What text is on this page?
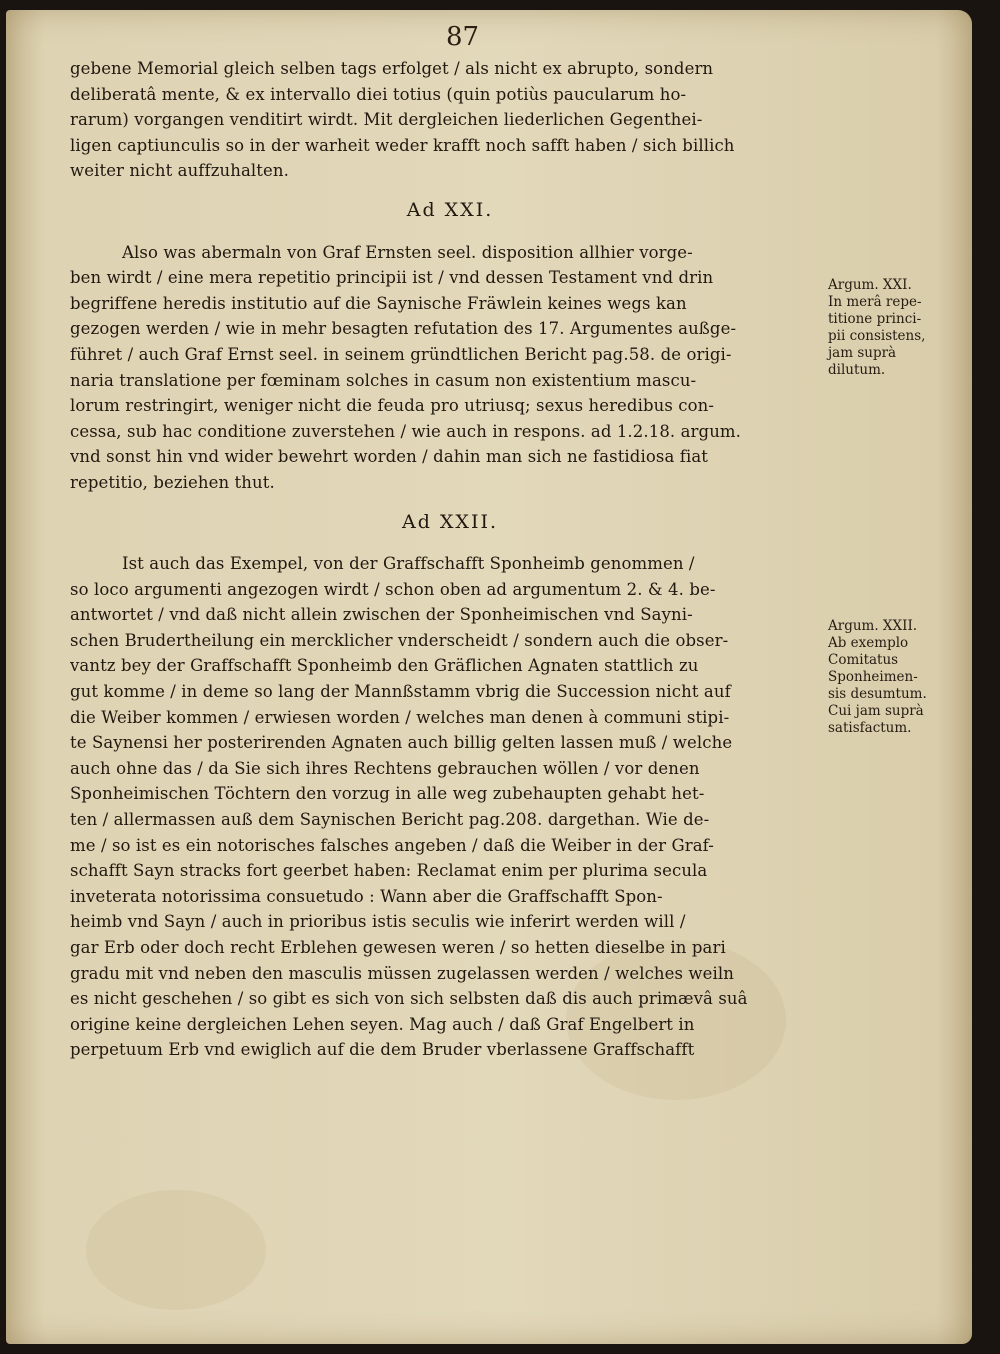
87

gebene Memorial gleich selben tags erfolget / als nicht ex abrupto, sondern
deliberatâ mente, & ex intervallo diei totius (quin potiùs paucularum ho-
rarum) vorgangen venditirt wirdt. Mit dergleichen liederlichen Gegenthei-
ligen captiunculis so in der warheit weder krafft noch safft haben / sich billich
weiter nicht auffzuhalten.

Ad XXI.

Also was abermaln von Graf Ernsten seel. disposition allhier vorge-
ben wirdt / eine mera repetitio principii ist / vnd dessen Testament vnd drin
begriffene heredis institutio auf die Saynische Fräwlein keines wegs kan
gezogen werden / wie in mehr besagten refutation des 17. Argumentes außge-
führet / auch Graf Ernst seel. in seinem gründtlichen Bericht pag.58. de origi-
naria translatione per fœminam solches in casum non existentium mascu-
lorum restringirt, weniger nicht die feuda pro utriusq; sexus heredibus con-
cessa, sub hac conditione zuverstehen / wie auch in respons. ad 1.2.18. argum.
vnd sonst hin vnd wider bewehrt worden / dahin man sich ne fastidiosa fiat
repetitio, beziehen thut.

Ad XXII.

Ist auch das Exempel, von der Graffschafft Sponheimb genommen /
so loco argumenti angezogen wirdt / schon oben ad argumentum 2. & 4. be-
antwortet / vnd daß nicht allein zwischen der Sponheimischen vnd Sayni-
schen Brudertheilung ein mercklicher vnderscheidt / sondern auch die obser-
vantz bey der Graffschafft Sponheimb den Gräflichen Agnaten stattlich zu
gut komme / in deme so lang der Mannßstamm vbrig die Succession nicht auf
die Weiber kommen / erwiesen worden / welches man denen à communi stipi-
te Saynensi her posterirenden Agnaten auch billig gelten lassen muß / welche
auch ohne das / da Sie sich ihres Rechtens gebrauchen wöllen / vor denen
Sponheimischen Töchtern den vorzug in alle weg zubehaupten gehabt het-
ten / allermassen auß dem Saynischen Bericht pag.208. dargethan. Wie de-
me / so ist es ein notorisches falsches angeben / daß die Weiber in der Graf-
schafft Sayn stracks fort geerbet haben: Reclamat enim per plurima secula
inveterata notorissima consuetudo : Wann aber die Graffschafft Spon-
heimb vnd Sayn / auch in prioribus istis seculis wie inferirt werden will /
gar Erb oder doch recht Erblehen gewesen weren / so hetten dieselbe in pari
gradu mit vnd neben den masculis müssen zugelassen werden / welches weiln
es nicht geschehen / so gibt es sich von sich selbsten daß dis auch primævâ suâ
origine keine dergleichen Lehen seyen. Mag auch / daß Graf Engelbert in
perpetuum Erb vnd ewiglich auf die dem Bruder vberlassene Graffschafft

Argum. XXI.
In merâ repe-
titione princi-
pii consistens,
jam suprà
dilutum.
Argum. XXII.
Ab exemplo
Comitatus
Sponheimen-
sis desumtum.
Cui jam suprà
satisfactum.
